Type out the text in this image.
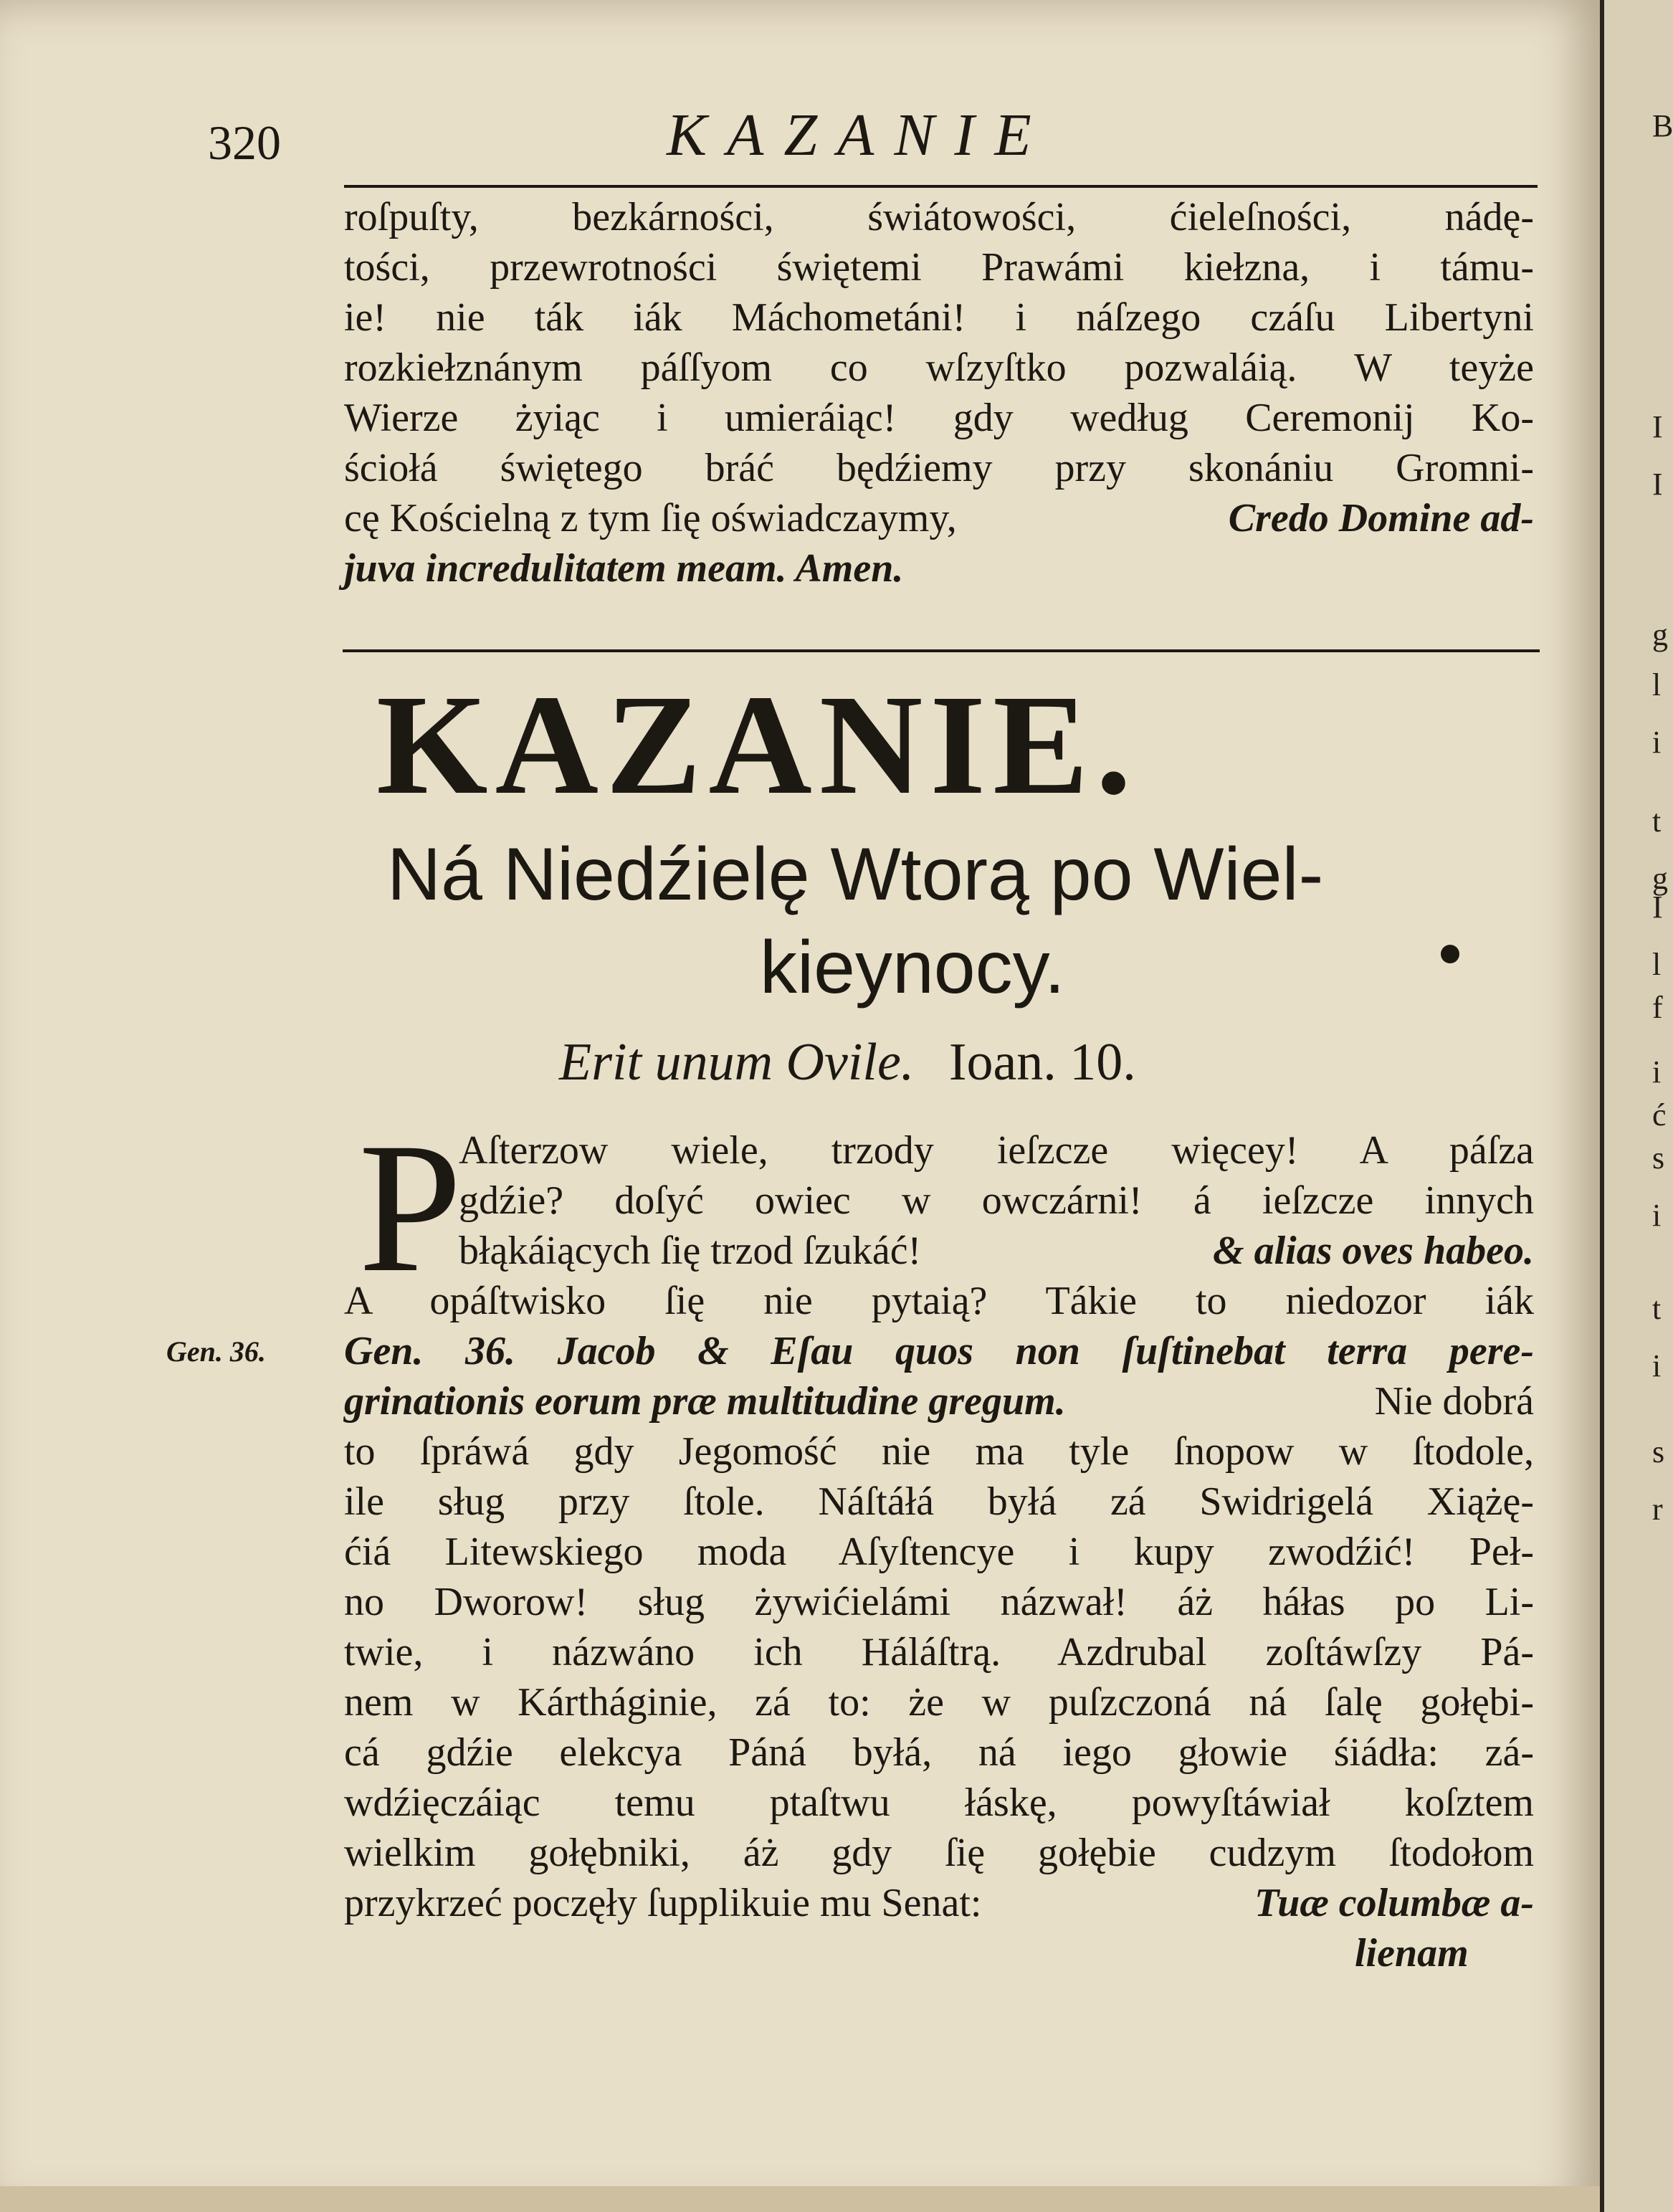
320	KAZANIE
roſpuſty, bezkárności, świátowości, ćieleſności, nádę-
tości, przewrotności świętemi Prawámi kiełzna, i támu-
ie! nie ták iák Máchometáni! i náſzego czáſu Libertyni
rozkiełznánym páſſyom co wſzyſtko pozwaláią. W teyże
Wierze żyiąc i umieráiąc! gdy według Ceremonij Ko-
ściołá świętego bráć będźiemy przy skonániu Gromni-
cę Kościelną z tym ſię oświadczaymy,	Credo Domine ad-
juva incredulitatem meam. Amen.
KAZANIE.
Ná Niedźielę Wtorą po Wiel-
kieynocy.
Erit unum Ovile. Ioan. 10.
P
Aſterzow wiele, trzody ieſzcze więcey! A páſza
gdźie? doſyć owiec w owczárni! á ieſzcze innych
błąkáiących ſię trzod ſzukáć!	& alias oves habeo.
A opáſtwisko ſię nie pytaią? Tákie to niedozor iák
Gen. 36. Gen. 36. Jacob & Eſau quos non ſuſtinebat terra pere-
grinationis eorum præ multitudine gregum.	Nie dobrá
to ſpráwá gdy Jegomość nie ma tyle ſnopow w ſtodole,
ile sług przy ſtole. Náſtáłá byłá zá Swidrigelá Xiążę-
ćiá Litewskiego moda Aſyſtencye i kupy zwodźić! Peł-
no Dworow! sług żywićielámi názwał! áż háłas po Li-
twie, i názwáno ich Háláſtrą. Azdrubal zoſtáwſzy Pá-
nem w Kártháginie, zá to: że w puſzczoná ná ſalę gołębi-
cá gdźie elekcya Páná byłá, ná iego głowie śiádła: zá-
wdźięczáiąc temu ptaſtwu łáskę, powyſtáwiał koſztem
wielkim gołębniki, áż gdy ſię gołębie cudzym ſtodołom
przykrzeć poczęły ſupplikuie mu Senat:	Tuæ columbæ a-
lienam
B
I
I
g
l
i
t
g
I
l
f
i
ć
s
i
t
i
s
r
